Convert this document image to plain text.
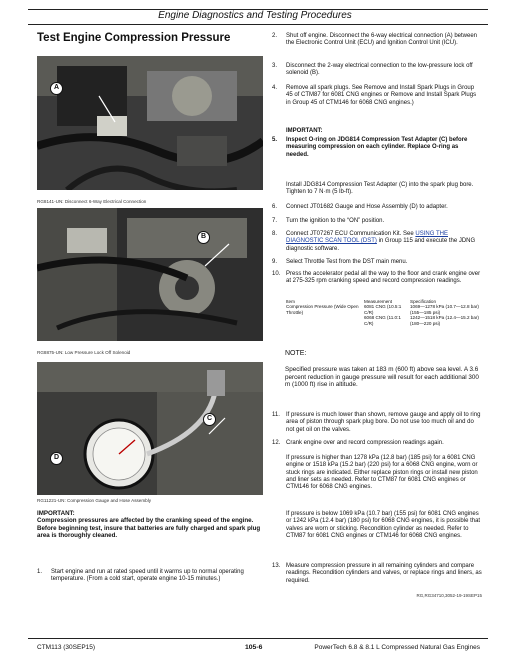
Engine Diagnostics and Testing Procedures
Test Engine Compression Pressure
A
RG8141-UN: Disconnect 6-Way Electrical Connection
B
RG8875-UN: Low Pressure Lock Off Solenoid
C
D
RG11221-UN: Compression Gauge and Hose Assembly
IMPORTANT:
Compression pressures are affected by the cranking speed of the engine. Before beginning test, insure that batteries are fully charged and spark plug area is thoroughly cleaned.
1.	Start engine and run at rated speed until it warms up to normal operating temperature. (From a cold start, operate engine 10-15 minutes.)
2.	Shut off engine. Disconnect the 6-way electrical connection (A) between the Electronic Control Unit (ECU) and Ignition Control Unit (ICU).
3.	Disconnect the 2-way electrical connection to the low-pressure lock off solenoid (B).
4.	Remove all spark plugs. See Remove and Install Spark Plugs in Group 45 of CTM87 for 6081 CNG engines or Remove and Install Spark Plugs in Group 45 of CTM146 for 6068 CNG engines.)
IMPORTANT:
5.	Inspect O-ring on JDG814 Compression Test Adapter (C) before measuring compression on each cylinder. Replace O-ring as needed.
Install JDG814 Compression Test Adapter (C) into the spark plug bore. Tighten to 7 N·m (5 lb-ft).
6.	Connect JT01682 Gauge and Hose Assembly (D) to adapter.
7.	Turn the ignition to the “ON” position.
8.	Connect JT07267 ECU Communication Kit. See USING THE DIAGNOSTIC SCAN TOOL (DST) in Group 115 and execute the JDNG diagnostic software.
9.	Select Throttle Test from the DST main menu.
10. Press the accelerator pedal all the way to the floor and crank engine over at 275-325 rpm cranking speed and record compression readings.
Item	Measurement	Specification
Compression Pressure (Wide Open Throttle)	6081 CNG (10.5:1 C/R)	1069—1278 kPa (10.7—12.8 bar) (155—185 psi)
	6068 CNG (11.0:1 C/R)	1242—1518 kPa (12.4—15.2 bar) (180—220 psi)
NOTE:
Specified pressure was taken at 183 m (600 ft) above sea level. A 3.6 percent reduction in gauge pressure will result for each additional 300 m (1000 ft) rise in altitude.
11.	If pressure is much lower than shown, remove gauge and apply oil to ring area of piston through spark plug bore. Do not use too much oil and do not get oil on the valves.
12. Crank engine over and record compression readings again.
If pressure is higher than 1278 kPa (12.8 bar) (185 psi) for a 6081 CNG engine or 1518 kPa (15.2 bar) (220 psi) for a 6068 CNG engine, worn or stuck rings are indicated. Either replace piston rings or install new piston and liner sets as needed. Refer to CTM87 for 6081 CNG engines or CTM146 for 6068 CNG engines.
If pressure is below 1069 kPa (10.7 bar) (155 psi) for 6081 CNG engines or 1242 kPa (12.4 bar) (180 psi) for 6068 CNG engines, it is possible that valves are worn or sticking. Recondition cylinder as needed. Refer to CTM87 for 6081 CNG engines or CTM146 for 6068 CNG engines.
13. Measure compression pressure in all remaining cylinders and compare readings. Recondition cylinders and valves, or replace rings and liners, as required.
RG,RG34710,3052-19-19SEP15
CTM113 (30SEP15)	105-6	PowerTech 6.8 & 8.1 L Compressed Natural Gas Engines
